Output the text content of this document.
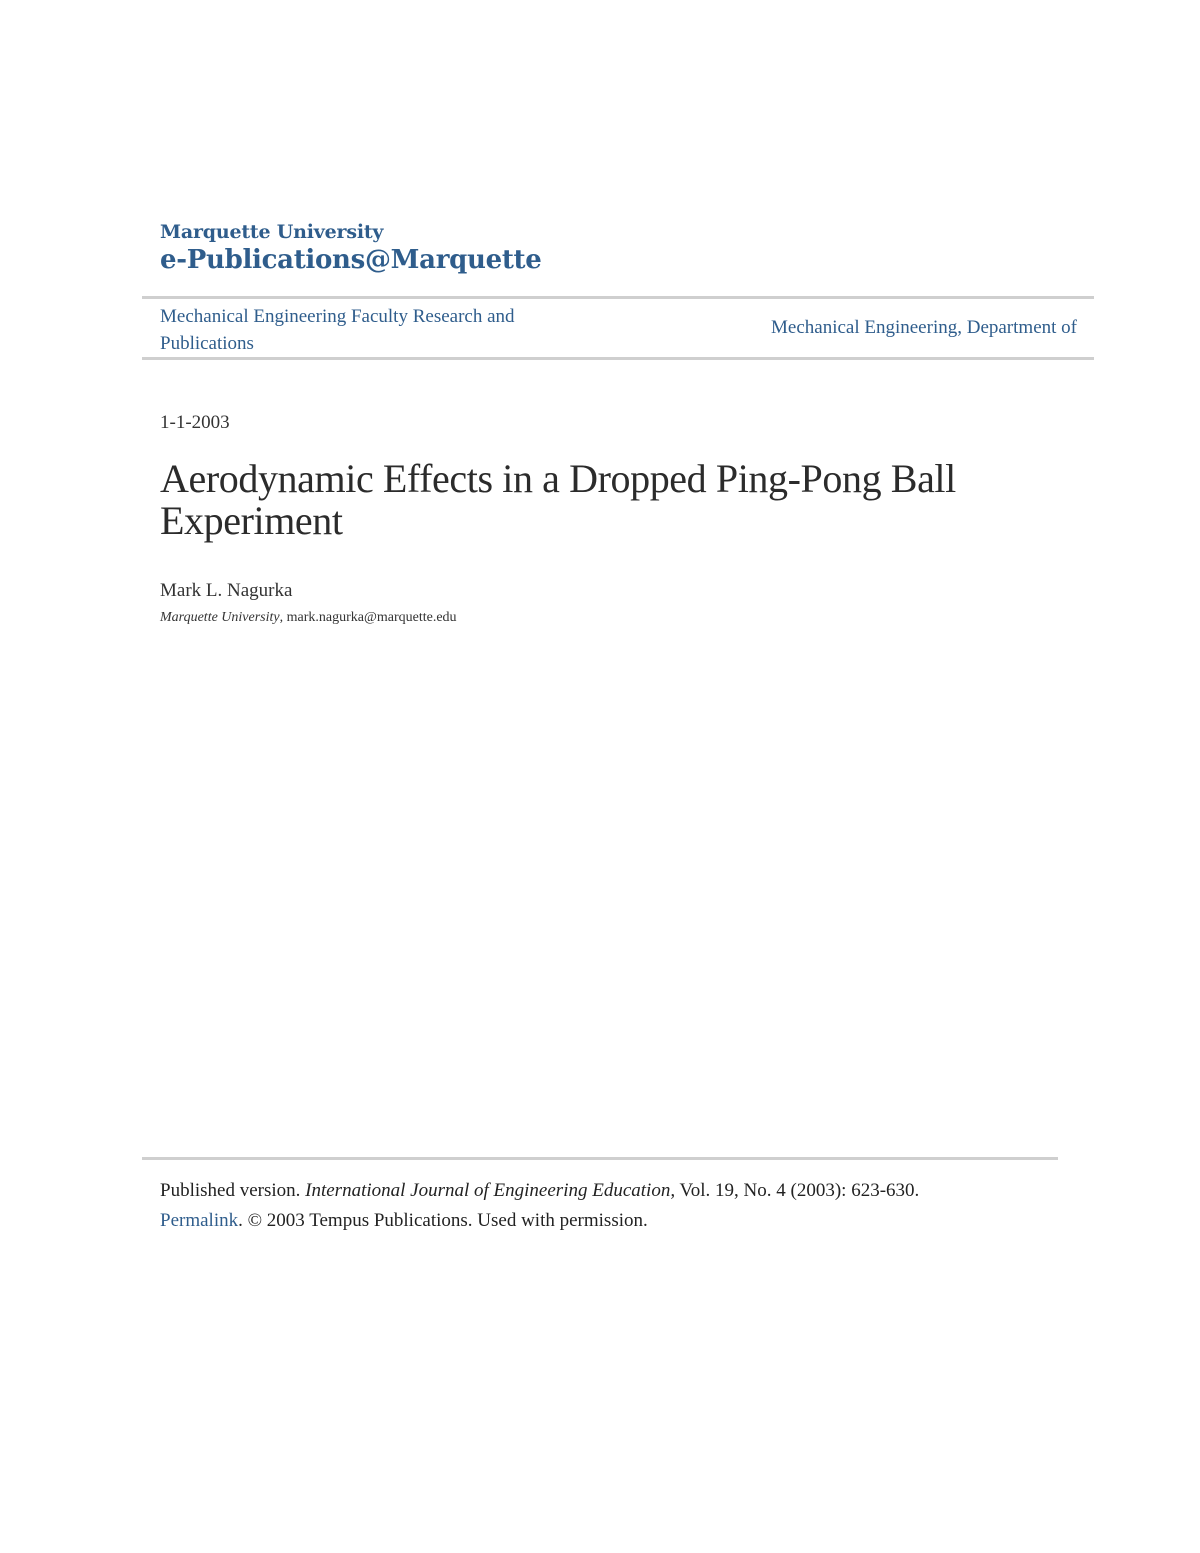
Marquette University
e-Publications@Marquette
Mechanical Engineering Faculty Research and Publications
Mechanical Engineering, Department of
1-1-2003
Aerodynamic Effects in a Dropped Ping-Pong Ball Experiment
Mark L. Nagurka
Marquette University, mark.nagurka@marquette.edu
Published version. International Journal of Engineering Education, Vol. 19, No. 4 (2003): 623-630.
Permalink. © 2003 Tempus Publications. Used with permission.
